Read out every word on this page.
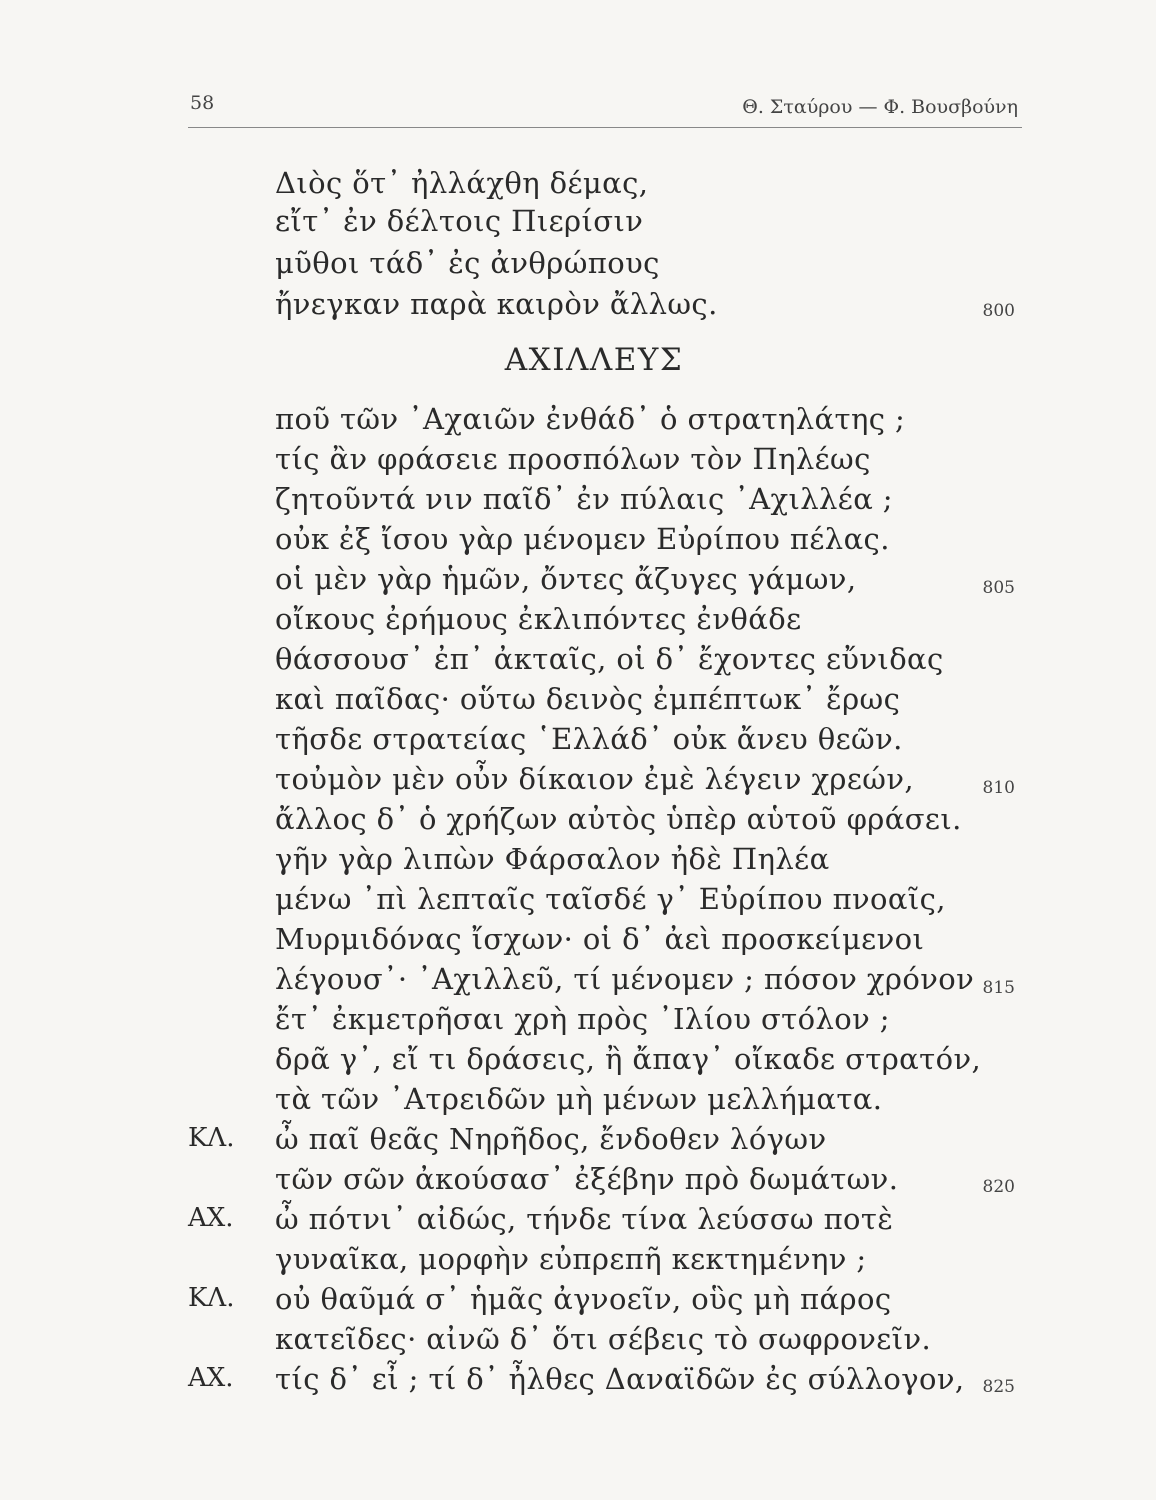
58	Θ. Σταύρου — Φ. Βουσβούνη
Διὸς ὅτ᾽ ἠλλάχθη δέμας,
εἴτ᾽ ἐν δέλτοις Πιερίσιν
μῦθοι τάδ᾽ ἐς ἀνθρώπους
ἤνεγκαν παρὰ καιρὸν ἄλλως.	800
ΑΧΙΛΛΕΥΣ
ποῦ τῶν ᾽Αχαιῶν ἐνθάδ᾽ ὁ στρατηλάτης ;
τίς ἂν φράσειε προσπόλων τὸν Πηλέως
ζητοῦντά νιν παῖδ᾽ ἐν πύλαις ᾽Αχιλλέα ;
οὐκ ἐξ ἴσου γὰρ μένομεν Εὐρίπου πέλας.
οἱ μὲν γὰρ ἡμῶν, ὄντες ἄζυγες γάμων,	805
οἴκους ἐρήμους ἐκλιπόντες ἐνθάδε
θάσσουσ᾽ ἐπ᾽ ἀκταῖς, οἱ δ᾽ ἔχοντες εὔνιδας
καὶ παῖδας· οὕτω δεινὸς ἐμπέπτωκ᾽ ἔρως
τῆσδε στρατείας ῾Ελλάδ᾽ οὐκ ἄνευ θεῶν.
τοὐμὸν μὲν οὖν δίκαιον ἐμὲ λέγειν χρεών,	810
ἄλλος δ᾽ ὁ χρήζων αὐτὸς ὑπὲρ αὑτοῦ φράσει.
γῆν γὰρ λιπὼν Φάρσαλον ἠδὲ Πηλέα
μένω ᾽πὶ λεπταῖς ταῖσδέ γ᾽ Εὐρίπου πνοαῖς,
Μυρμιδόνας ἴσχων· οἱ δ᾽ ἀεὶ προσκείμενοι
λέγουσ᾽· ᾽Αχιλλεῦ, τί μένομεν ; πόσον χρόνον 815
ἔτ᾽ ἐκμετρῆσαι χρὴ πρὸς ᾽Ιλίου στόλον ;
δρᾶ γ᾽, εἴ τι δράσεις, ἢ ἄπαγ᾽ οἴκαδε στρατόν,
τὰ τῶν ᾽Ατρειδῶν μὴ μένων μελλήματα.
ΚΛ. ὦ παῖ θεᾶς Νηρῆδος, ἔνδοθεν λόγων
τῶν σῶν ἀκούσασ᾽ ἐξέβην πρὸ δωμάτων.	820
ΑΧ. ὦ πότνι᾽ αἰδώς, τήνδε τίνα λεύσσω ποτὲ
γυναῖκα, μορφὴν εὐπρεπῆ κεκτημένην ;
ΚΛ. οὐ θαῦμά σ᾽ ἡμᾶς ἀγνοεῖν, οὓς μὴ πάρος
κατεῖδες· αἰνῶ δ᾽ ὅτι σέβεις τὸ σωφρονεῖν.
ΑΧ. τίς δ᾽ εἶ ; τί δ᾽ ἦλθες Δαναϊδῶν ἐς σύλλογον, 825
